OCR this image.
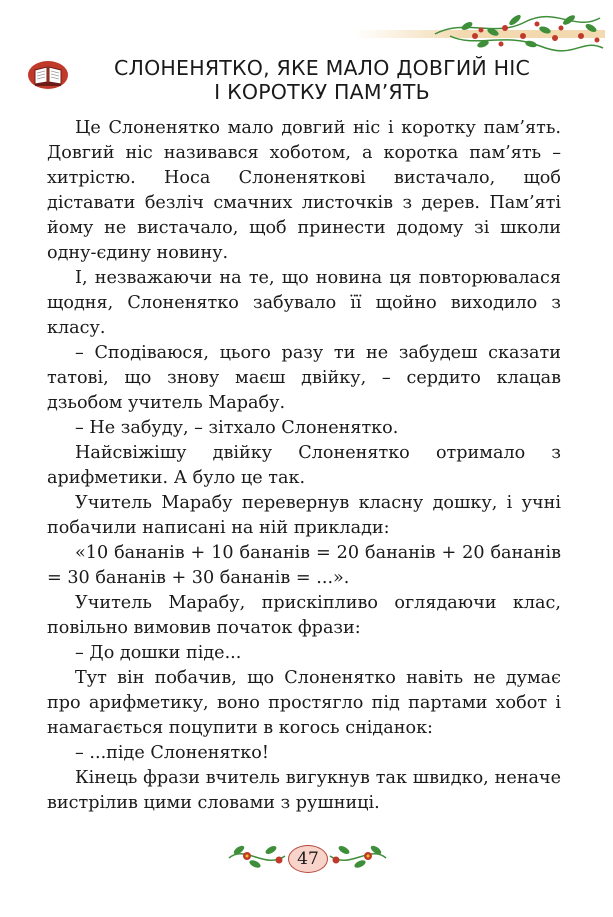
СЛОНЕНЯТКО, ЯКЕ МАЛО ДОВГИЙ НІС
І КОРОТКУ ПАМ’ЯТЬ

Це Слоненятко мало довгий ніс і коротку пам’ять. Довгий ніс називався хоботом, а коротка пам’ять – хитрістю. Носа Слоненятковi вистачало, щоб діставати безліч смачних листочків з дерев. Пам’яті йому не вистачало, щоб принести додому зі школи одну-єдину новину.

І, незважаючи на те, що новина ця повторювалася щодня, Слоненятко забувало її щойно виходило з класу.

– Сподіваюся, цього разу ти не забудеш сказати татові, що знову маєш двійку, – сердито клацав дзьобом учитель Марабу.

– Не забуду, – зітхало Слоненятко.

Найсвіжішу двійку Слоненятко отримало з арифметики. А було це так.

Учитель Марабу перевернув класну дошку, і учні побачили написані на ній приклади:

«10 бананів + 10 бананів = 20 бананів + 20 бананів = 30 бананів + 30 бананів = ...».

Учитель Марабу, прискіпливо оглядаючи клас, повільно вимовив початок фрази:

– До дошки піде...

Тут він побачив, що Слоненятко навіть не думає про арифметику, воно простягло під партами хобот і намагається поцупити в когось сніданок:

– ...піде Слоненятко!

Кінець фрази вчитель вигукнув так швидко, неначе вистрілив цими словами з рушниці.

47
